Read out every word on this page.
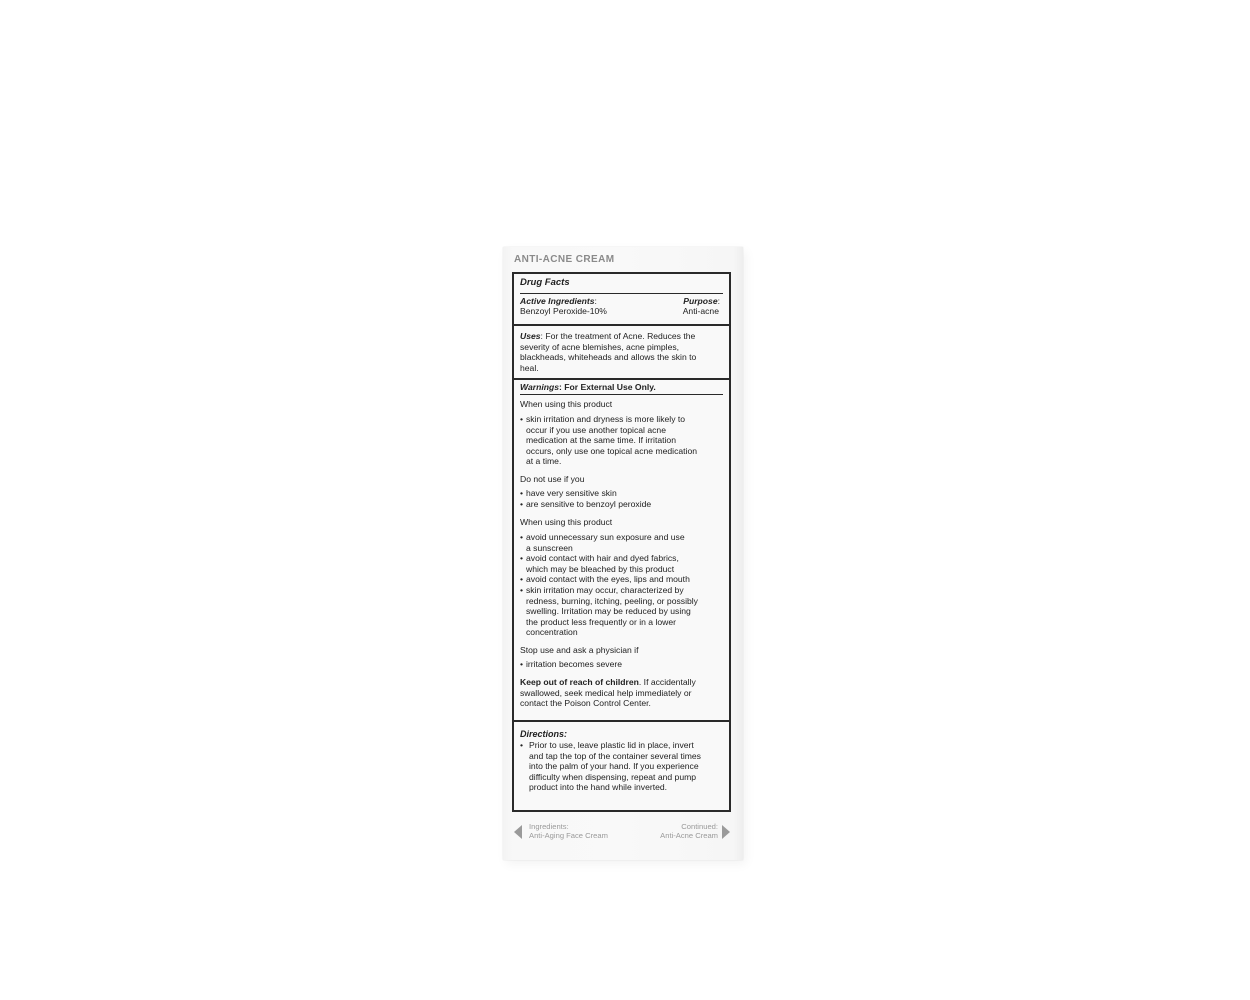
ANTI-ACNE CREAM
Drug Facts
Active Ingredients:	Purpose:
Benzoyl Peroxide-10%	Anti-acne
Uses: For the treatment of Acne. Reduces the
severity of acne blemishes, acne pimples,
blackheads, whiteheads and allows the skin to
heal.
Warnings: For External Use Only.
When using this product
• skin irritation and dryness is more likely to
occur if you use another topical acne
medication at the same time. If irritation
occurs, only use one topical acne medication
at a time.
Do not use if you
• have very sensitive skin
• are sensitive to benzoyl peroxide
When using this product
• avoid unnecessary sun exposure and use
a sunscreen
• avoid contact with hair and dyed fabrics,
which may be bleached by this product
• avoid contact with the eyes, lips and mouth
• skin irritation may occur, characterized by
redness, burning, itching, peeling, or possibly
swelling. Irritation may be reduced by using
the product less frequently or in a lower
concentration
Stop use and ask a physician if
• irritation becomes severe
Keep out of reach of children. If accidentally
swallowed, seek medical help immediately or
contact the Poison Control Center.
Directions:
• Prior to use, leave plastic lid in place, invert
and tap the top of the container several times
into the palm of your hand. If you experience
difficulty when dispensing, repeat and pump
product into the hand while inverted.
Ingredients:
Anti-Aging Face Cream
Continued:
Anti-Acne Cream
